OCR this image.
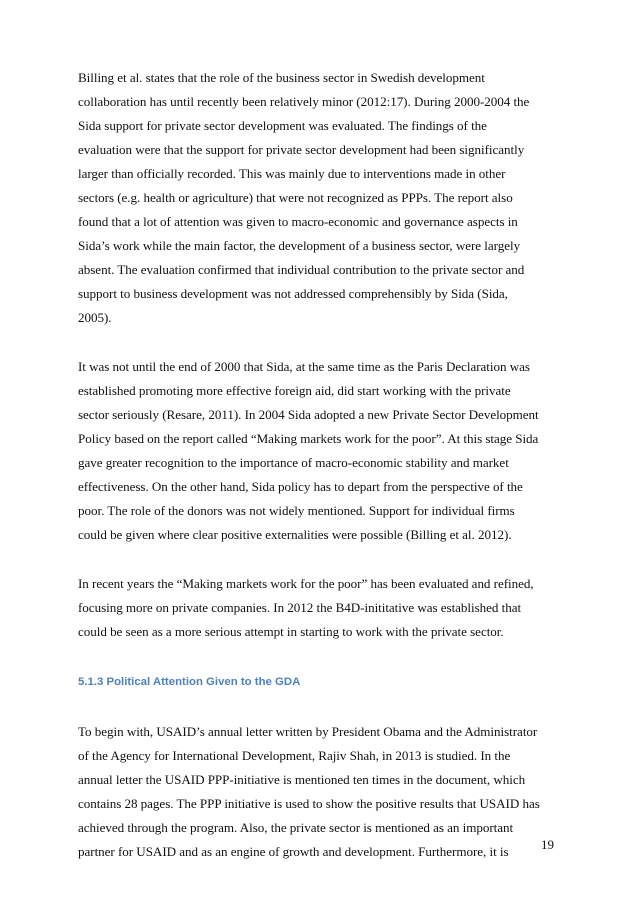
Billing et al. states that the role of the business sector in Swedish development
collaboration has until recently been relatively minor (2012:17). During 2000-2004 the
Sida support for private sector development was evaluated. The findings of the
evaluation were that the support for private sector development had been significantly
larger than officially recorded. This was mainly due to interventions made in other
sectors (e.g. health or agriculture) that were not recognized as PPPs. The report also
found that a lot of attention was given to macro-economic and governance aspects in
Sida’s work while the main factor, the development of a business sector, were largely
absent. The evaluation confirmed that individual contribution to the private sector and
support to business development was not addressed comprehensibly by Sida (Sida,
2005).

It was not until the end of 2000 that Sida, at the same time as the Paris Declaration was
established promoting more effective foreign aid, did start working with the private
sector seriously (Resare, 2011). In 2004 Sida adopted a new Private Sector Development
Policy based on the report called “Making markets work for the poor”. At this stage Sida
gave greater recognition to the importance of macro-economic stability and market
effectiveness. On the other hand, Sida policy has to depart from the perspective of the
poor. The role of the donors was not widely mentioned. Support for individual firms
could be given where clear positive externalities were possible (Billing et al. 2012).

In recent years the “Making markets work for the poor” has been evaluated and refined,
focusing more on private companies. In 2012 the B4D-inititative was established that
could be seen as a more serious attempt in starting to work with the private sector.

5.1.3 Political Attention Given to the GDA

To begin with, USAID’s annual letter written by President Obama and the Administrator
of the Agency for International Development, Rajiv Shah, in 2013 is studied. In the
annual letter the USAID PPP-initiative is mentioned ten times in the document, which
contains 28 pages. The PPP initiative is used to show the positive results that USAID has
achieved through the program. Also, the private sector is mentioned as an important
partner for USAID and as an engine of growth and development. Furthermore, it is	19
